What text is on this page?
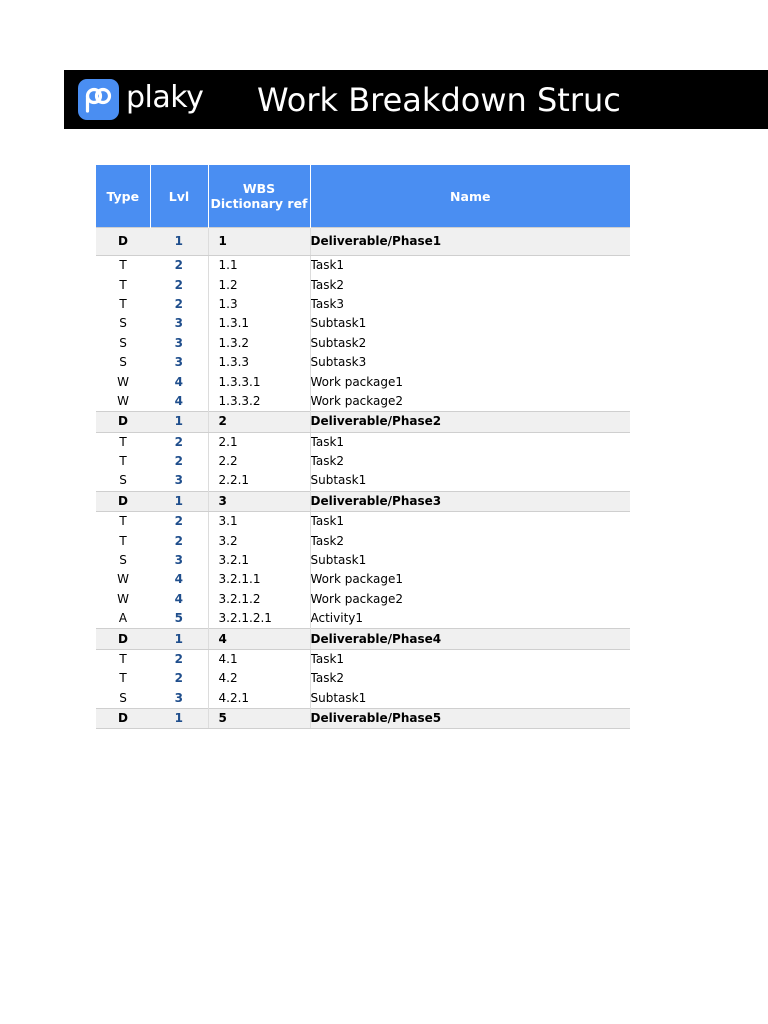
plaky Work Breakdown Struc
Type	Lvl	WBS
Dictionary ref	Name
D	1	1	Deliverable/Phase1
T	2	1.1	Task1
T	2	1.2	Task2
T	2	1.3	Task3
S	3	1.3.1	Subtask1
S	3	1.3.2	Subtask2
S	3	1.3.3	Subtask3
W	4	1.3.3.1	Work package1
W	4	1.3.3.2	Work package2
D	1	2	Deliverable/Phase2
T	2	2.1	Task1
T	2	2.2	Task2
S	3	2.2.1	Subtask1
D	1	3	Deliverable/Phase3
T	2	3.1	Task1
T	2	3.2	Task2
S	3	3.2.1	Subtask1
W	4	3.2.1.1	Work package1
W	4	3.2.1.2	Work package2
A	5	3.2.1.2.1	Activity1
D	1	4	Deliverable/Phase4
T	2	4.1	Task1
T	2	4.2	Task2
S	3	4.2.1	Subtask1
D	1	5	Deliverable/Phase5
